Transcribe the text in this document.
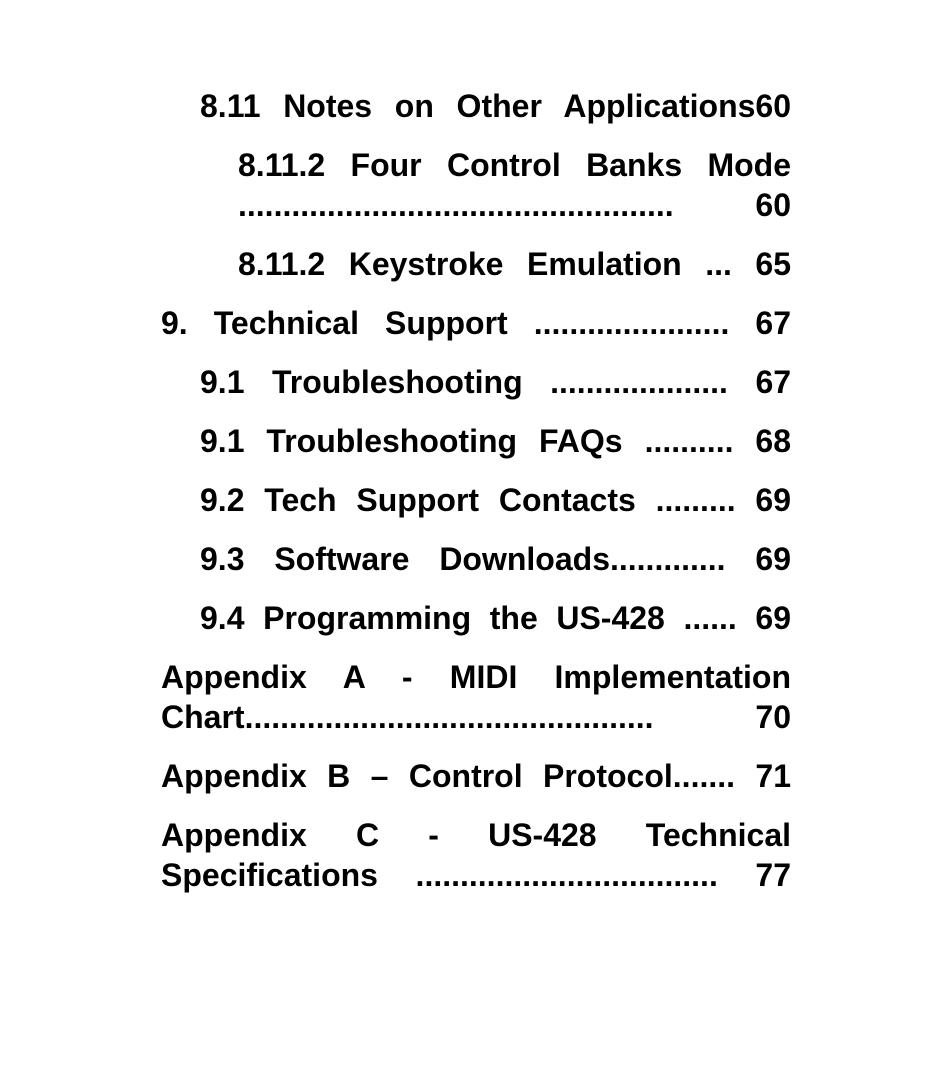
8.11 Notes on Other Applications60
8.11.2 Four Control Banks Mode .................................................	60
8.11.2 Keystroke Emulation ... 65
9. Technical Support ...................... 67
9.1 Troubleshooting .................... 67
9.1 Troubleshooting FAQs .......... 68
9.2 Tech Support Contacts ......... 69
9.3 Software Downloads............. 69
9.4 Programming the US-428 ...... 69
Appendix A - MIDI Implementation Chart..............................................	70
Appendix B – Control Protocol....... 71
Appendix C - US-428 Technical Specifications .................................. 77
